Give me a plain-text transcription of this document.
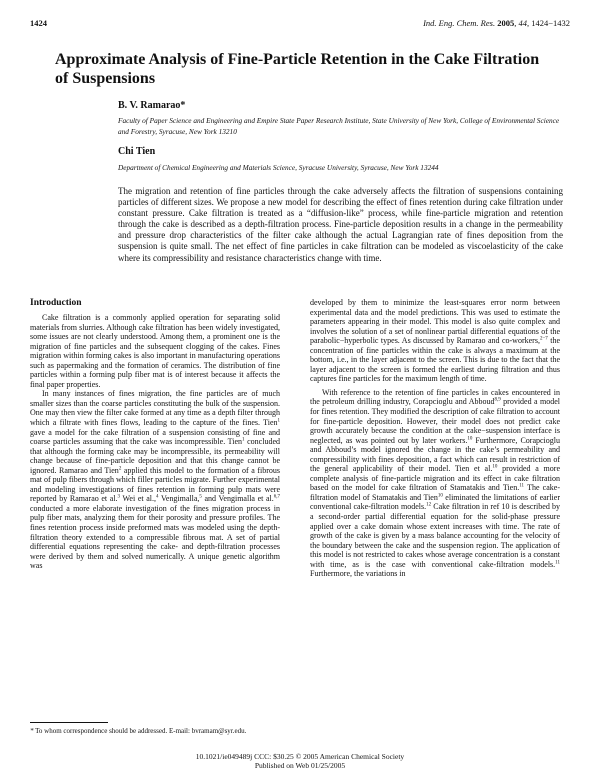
1424	Ind. Eng. Chem. Res. 2005, 44, 1424−1432
Approximate Analysis of Fine-Particle Retention in the Cake Filtration of Suspensions

B. V. Ramarao*

Faculty of Paper Science and Engineering and Empire State Paper Research Institute, State University of New York, College of Environmental Science and Forestry, Syracuse, New York 13210

Chi Tien

Department of Chemical Engineering and Materials Science, Syracuse University, Syracuse, New York 13244

The migration and retention of fine particles through the cake adversely affects the filtration of suspensions containing particles of different sizes. We propose a new model for describing the effect of fines retention during cake filtration under constant pressure. Cake filtration is treated as a “diffusion-like” process, while fine-particle migration and retention through the cake is described as a depth-filtration process. Fine-particle deposition results in a change in the permeability and pressure drop characteristics of the filter cake although the actual Lagrangian rate of fines deposition from the suspension is quite small. The net effect of fine particles in cake filtration can be modeled as viscoelasticity of the cake where its compressibility and resistance characteristics change with time.

Introduction

Cake filtration is a commonly applied operation for separating solid materials from slurries. Although cake filtration has been widely investigated, some issues are not clearly understood. Among them, a prominent one is the migration of fine particles and the subsequent clogging of the cakes. Fines migration within forming cakes is also important in manufacturing operations such as papermaking and the formation of ceramics. The distribution of fine particles within a forming pulp fiber mat is of interest because it affects the final paper properties.

In many instances of fines migration, the fine particles are of much smaller sizes than the coarse particles constituting the bulk of the suspension. One may then view the filter cake formed at any time as a depth filter through which a filtrate with fines flows, leading to the capture of the fines. Tien$^1$ gave a model for the cake filtration of a suspension consisting of fine and coarse particles assuming that the cake was incompressible. Tien$^1$ concluded that although the forming cake may be incompressible, its permeability will change because of fine-particle deposition and that this change cannot be ignored. Ramarao and Tien$^2$ applied this model to the formation of a fibrous mat of pulp fibers through which filler particles migrate. Further experimental and modeling investigations of fines retention in forming pulp mats were reported by Ramarao et al.$^3$ Wei et al.,$^4$ Vengimalla,$^5$ and Vengimalla et al.$^{6,7}$ conducted a more elaborate investigation of the fines migration process in pulp fiber mats, analyzing them for their porosity and pressure profiles. The fines retention process inside preformed mats was modeled using the depth-filtration theory extended to a compressible fibrous mat. A set of partial differential equations representing the cake- and depth-filtration processes were derived by them and solved numerically. A unique genetic algorithm was

developed by them to minimize the least-squares error norm between experimental data and the model predictions. This was used to estimate the parameters appearing in their model. This model is also quite complex and involves the solution of a set of nonlinear partial differential equations of the parabolic−hyperbolic types. As discussed by Ramarao and co-workers,$^{2-7}$ the concentration of fine particles within the cake is always a maximum at the bottom, i.e., in the layer adjacent to the screen. This is due to the fact that the layer adjacent to the screen is formed the earliest during filtration and thus captures fine particles for the maximum length of time.

With reference to the retention of fine particles in cakes encountered in the petroleum drilling industry, Corapcioglu and Abboud$^{8,9}$ provided a model for fines retention. They modified the description of cake filtration to account for fine-particle deposition. However, their model does not predict cake growth accurately because the condition at the cake−suspension interface is neglected, as was pointed out by later workers.$^{10}$ Furthermore, Corapcioglu and Abboud’s model ignored the change in the cake’s permeability and compressibility with fines deposition, a fact which can result in restriction of the general applicability of their model. Tien et al.$^{10}$ provided a more complete analysis of fine-particle migration and its effect in cake filtration based on the model for cake filtration of Stamatakis and Tien.$^{11}$ The cake-filtration model of Stamatakis and Tien$^{10}$ eliminated the limitations of earlier conventional cake-filtration models.$^{12}$ Cake filtration in ref 10 is described by a second-order partial differential equation for the solid-phase pressure applied over a cake domain whose extent increases with time. The rate of growth of the cake is given by a mass balance accounting for the velocity of the boundary between the cake and the suspension region. The application of this model is not restricted to cakes whose average concentration is a constant with time, as is the case with conventional cake-filtration models.$^{11}$ Furthermore, the variations in

* To whom correspondence should be addressed. E-mail: bvramam@syr.edu.

10.1021/ie049489j CCC: $30.25 © 2005 American Chemical Society
Published on Web 01/25/2005
